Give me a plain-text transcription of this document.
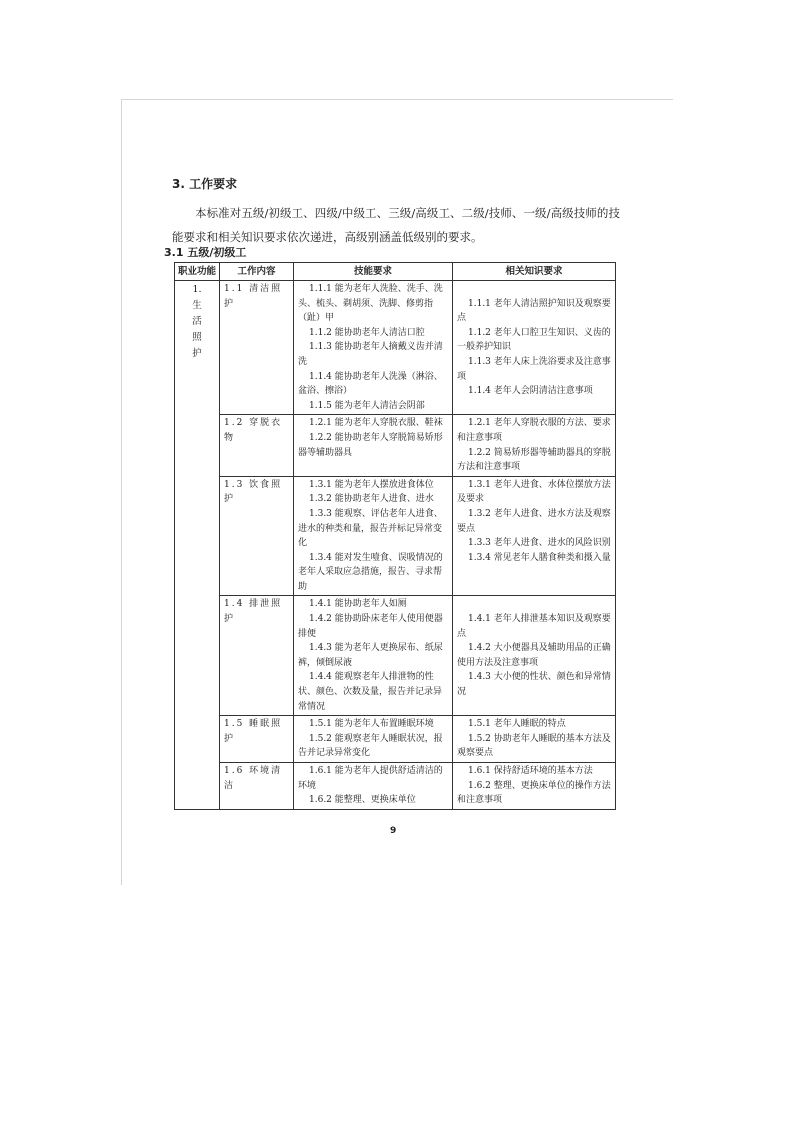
3. 工作要求
本标准对五级/初级工、四级/中级工、三级/高级工、二级/技师、一级/高级技师的技能要求和相关知识要求依次递进，高级别涵盖低级别的要求。
3.1 五级/初级工
职业功能	工作内容	技能要求	相关知识要求
1.生活照护	1.1 清洁照护	1.1.1 能为老年人洗脸、洗手、洗头、梳头、剃胡须、洗脚、修剪指（趾）甲
1.1.2 能协助老年人清洁口腔
1.1.3 能协助老年人摘戴义齿并清洗
1.1.4 能协助老年人洗澡（淋浴、盆浴、擦浴）
1.1.5 能为老年人清洁会阴部	1.1.1 老年人清洁照护知识及观察要点
1.1.2 老年人口腔卫生知识、义齿的一般养护知识
1.1.3 老年人床上洗浴要求及注意事项
1.1.4 老年人会阴清洁注意事项

	1.2 穿脱衣物	1.2.1 能为老年人穿脱衣服、鞋袜
1.2.2 能协助老年人穿脱简易矫形器等辅助器具	1.2.1 老年人穿脱衣服的方法、要求和注意事项
1.2.2 简易矫形器等辅助器具的穿脱方法和注意事项

	1.3 饮食照护	1.3.1 能为老年人摆放进食体位
1.3.2 能协助老年人进食、进水
1.3.3 能观察、评估老年人进食、进水的种类和量，报告并标记异常变化
1.3.4 能对发生噎食、误吸情况的老年人采取应急措施，报告、寻求帮助	1.3.1 老年人进食、水体位摆放方法及要求
1.3.2 老年人进食、进水方法及观察要点
1.3.3 老年人进食、进水的风险识别
1.3.4 常见老年人膳食种类和摄入量

	1.4 排泄照护	1.4.1 能协助老年人如厕
1.4.2 能协助卧床老年人使用便器排便
1.4.3 能为老年人更换尿布、纸尿裤，倾倒尿液
1.4.4 能观察老年人排泄物的性状、颜色、次数及量，报告并记录异常情况	1.4.1 老年人排泄基本知识及观察要点
1.4.2 大小便器具及辅助用品的正确使用方法及注意事项
1.4.3 大小便的性状、颜色和异常情况

	1.5 睡眠照护	1.5.1 能为老年人布置睡眠环境
1.5.2 能观察老年人睡眠状况，报告并记录异常变化	1.5.1 老年人睡眠的特点
1.5.2 协助老年人睡眠的基本方法及观察要点

	1.6 环境清洁	1.6.1 能为老年人提供舒适清洁的环境
1.6.2 能整理、更换床单位	1.6.1 保持舒适环境的基本方法
1.6.2 整理、更换床单位的操作方法和注意事项
9
